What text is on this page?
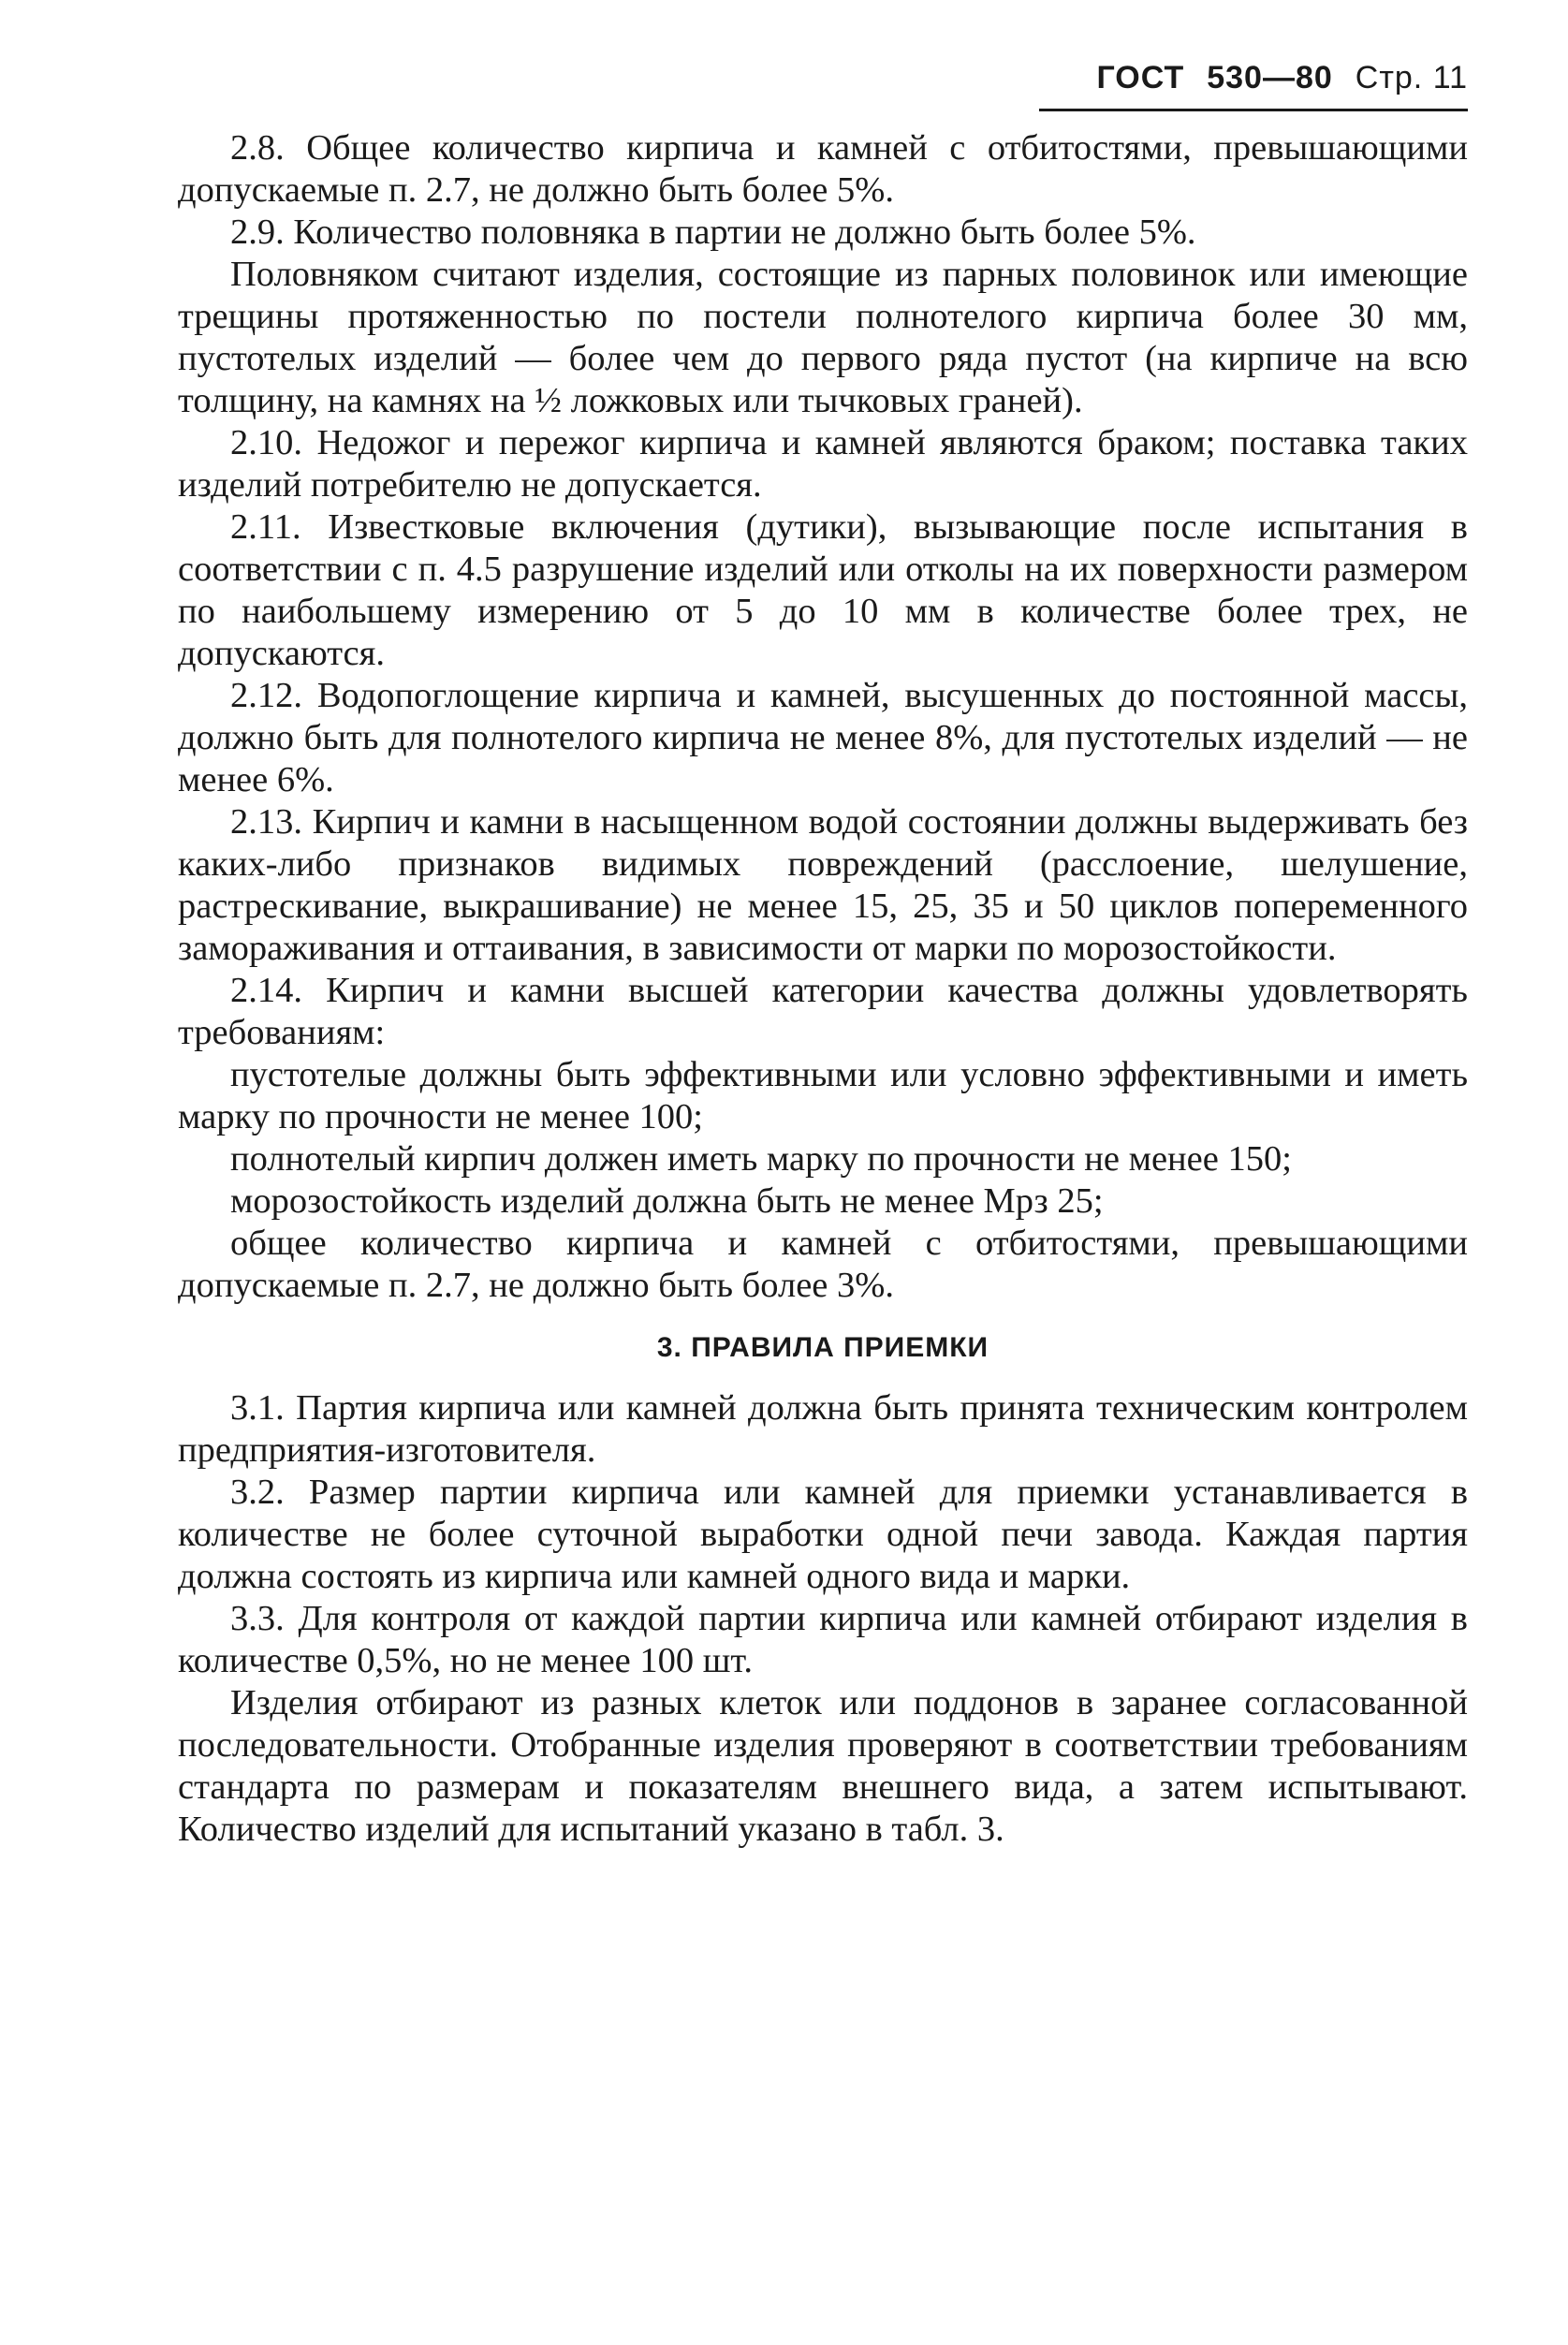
ГОСТ 530—80 Стр. 11

2.8. Общее количество кирпича и камней с отбитостями, превышающими допускаемые п. 2.7, не должно быть более 5%.

2.9. Количество половняка в партии не должно быть более 5%.

Половняком считают изделия, состоящие из парных половинок или имеющие трещины протяженностью по постели полнотелого кирпича более 30 мм, пустотелых изделий — более чем до первого ряда пустот (на кирпиче на всю толщину, на камнях на ½ ложковых или тычковых граней).

2.10. Недожог и пережог кирпича и камней являются браком; поставка таких изделий потребителю не допускается.

2.11. Известковые включения (дутики), вызывающие после испытания в соответствии с п. 4.5 разрушение изделий или отколы на их поверхности размером по наибольшему измерению от 5 до 10 мм в количестве более трех, не допускаются.

2.12. Водопоглощение кирпича и камней, высушенных до постоянной массы, должно быть для полнотелого кирпича не менее 8%, для пустотелых изделий — не менее 6%.

2.13. Кирпич и камни в насыщенном водой состоянии должны выдерживать без каких-либо признаков видимых повреждений (расслоение, шелушение, растрескивание, выкрашивание) не менее 15, 25, 35 и 50 циклов попеременного замораживания и оттаивания, в зависимости от марки по морозостойкости.

2.14. Кирпич и камни высшей категории качества должны удовлетворять требованиям:

пустотелые должны быть эффективными или условно эффективными и иметь марку по прочности не менее 100;

полнотелый кирпич должен иметь марку по прочности не менее 150;

морозостойкость изделий должна быть не менее Мрз 25;

общее количество кирпича и камней с отбитостями, превышающими допускаемые п. 2.7, не должно быть более 3%.

3. ПРАВИЛА ПРИЕМКИ

3.1. Партия кирпича или камней должна быть принята техническим контролем предприятия-изготовителя.

3.2. Размер партии кирпича или камней для приемки устанавливается в количестве не более суточной выработки одной печи завода. Каждая партия должна состоять из кирпича или камней одного вида и марки.

3.3. Для контроля от каждой партии кирпича или камней отбирают изделия в количестве 0,5%, но не менее 100 шт.

Изделия отбирают из разных клеток или поддонов в заранее согласованной последовательности. Отобранные изделия проверяют в соответствии требованиям стандарта по размерам и показателям внешнего вида, а затем испытывают. Количество изделий для испытаний указано в табл. 3.
